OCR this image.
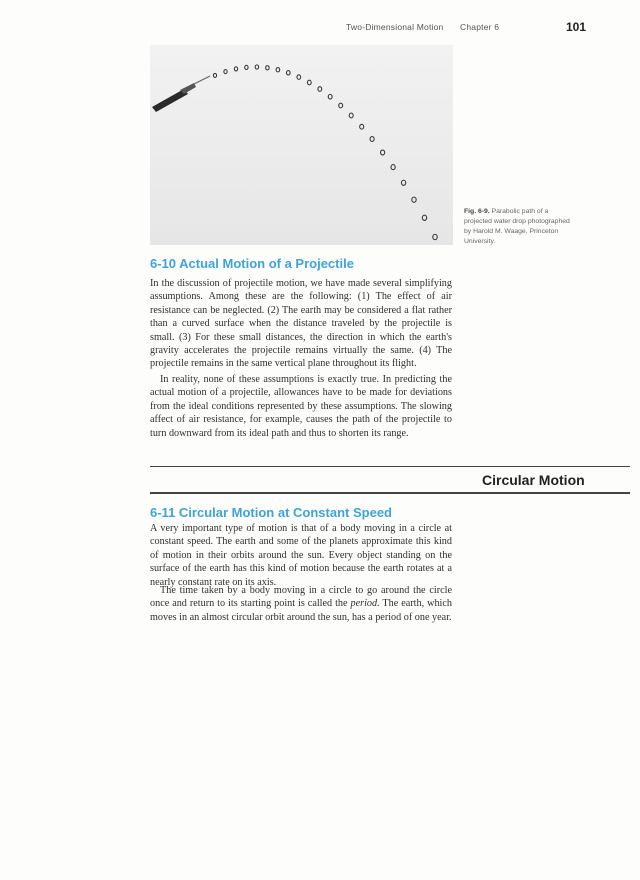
Two-Dimensional Motion Chapter 6	101
Fig. 6-9. Parabolic path of a projected water drop photographed by Harold M. Waage, Princeton University.
6-10 Actual Motion of a Projectile

In the discussion of projectile motion, we have made several simplifying assumptions. Among these are the following: (1) The effect of air resistance can be neglected. (2) The earth may be considered a flat rather than a curved surface when the distance traveled by the projectile is small. (3) For these small distances, the direction in which the earth's gravity accelerates the projectile remains virtually the same. (4) The projectile remains in the same vertical plane throughout its flight.

In reality, none of these assumptions is exactly true. In predicting the actual motion of a projectile, allowances have to be made for deviations from the ideal conditions represented by these assumptions. The slowing affect of air resistance, for example, causes the path of the projectile to turn downward from its ideal path and thus to shorten its range.

Circular Motion
6-11 Circular Motion at Constant Speed

A very important type of motion is that of a body moving in a circle at constant speed. The earth and some of the planets approximate this kind of motion in their orbits around the sun. Every object standing on the surface of the earth has this kind of motion because the earth rotates at a nearly constant rate on its axis.

The time taken by a body moving in a circle to go around the circle once and return to its starting point is called the period. The earth, which moves in an almost circular orbit around the sun, has a period of one year.
